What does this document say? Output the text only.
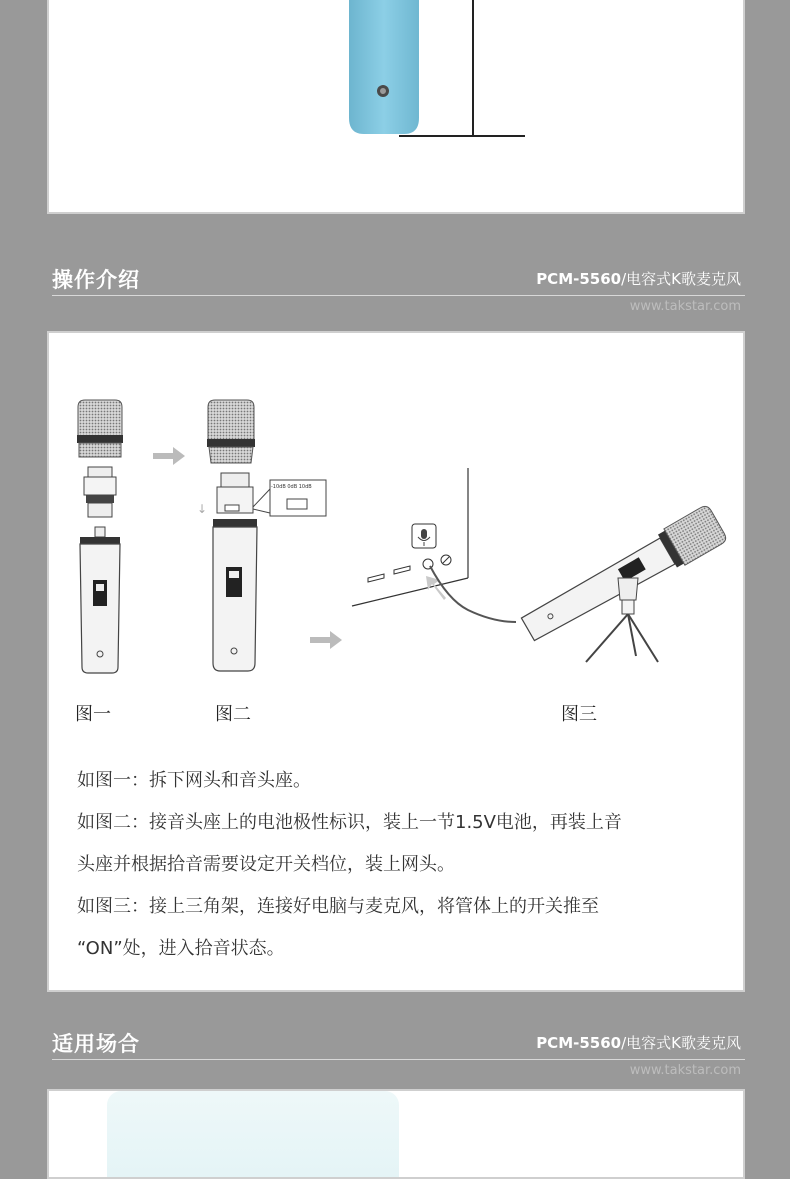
操作介绍	PCM-5560/电容式K歌麦克风
www.takstar.com
↓
-10dB 0dB 10dB
图一	图二	图三
如图一：拆下网头和音头座。
如图二：接音头座上的电池极性标识，装上一节1.5V电池，再装上音
头座并根据拾音需要设定开关档位，装上网头。
如图三：接上三角架，连接好电脑与麦克风，将管体上的开关推至
“ON”处，进入拾音状态。
适用场合	PCM-5560/电容式K歌麦克风
www.takstar.com
